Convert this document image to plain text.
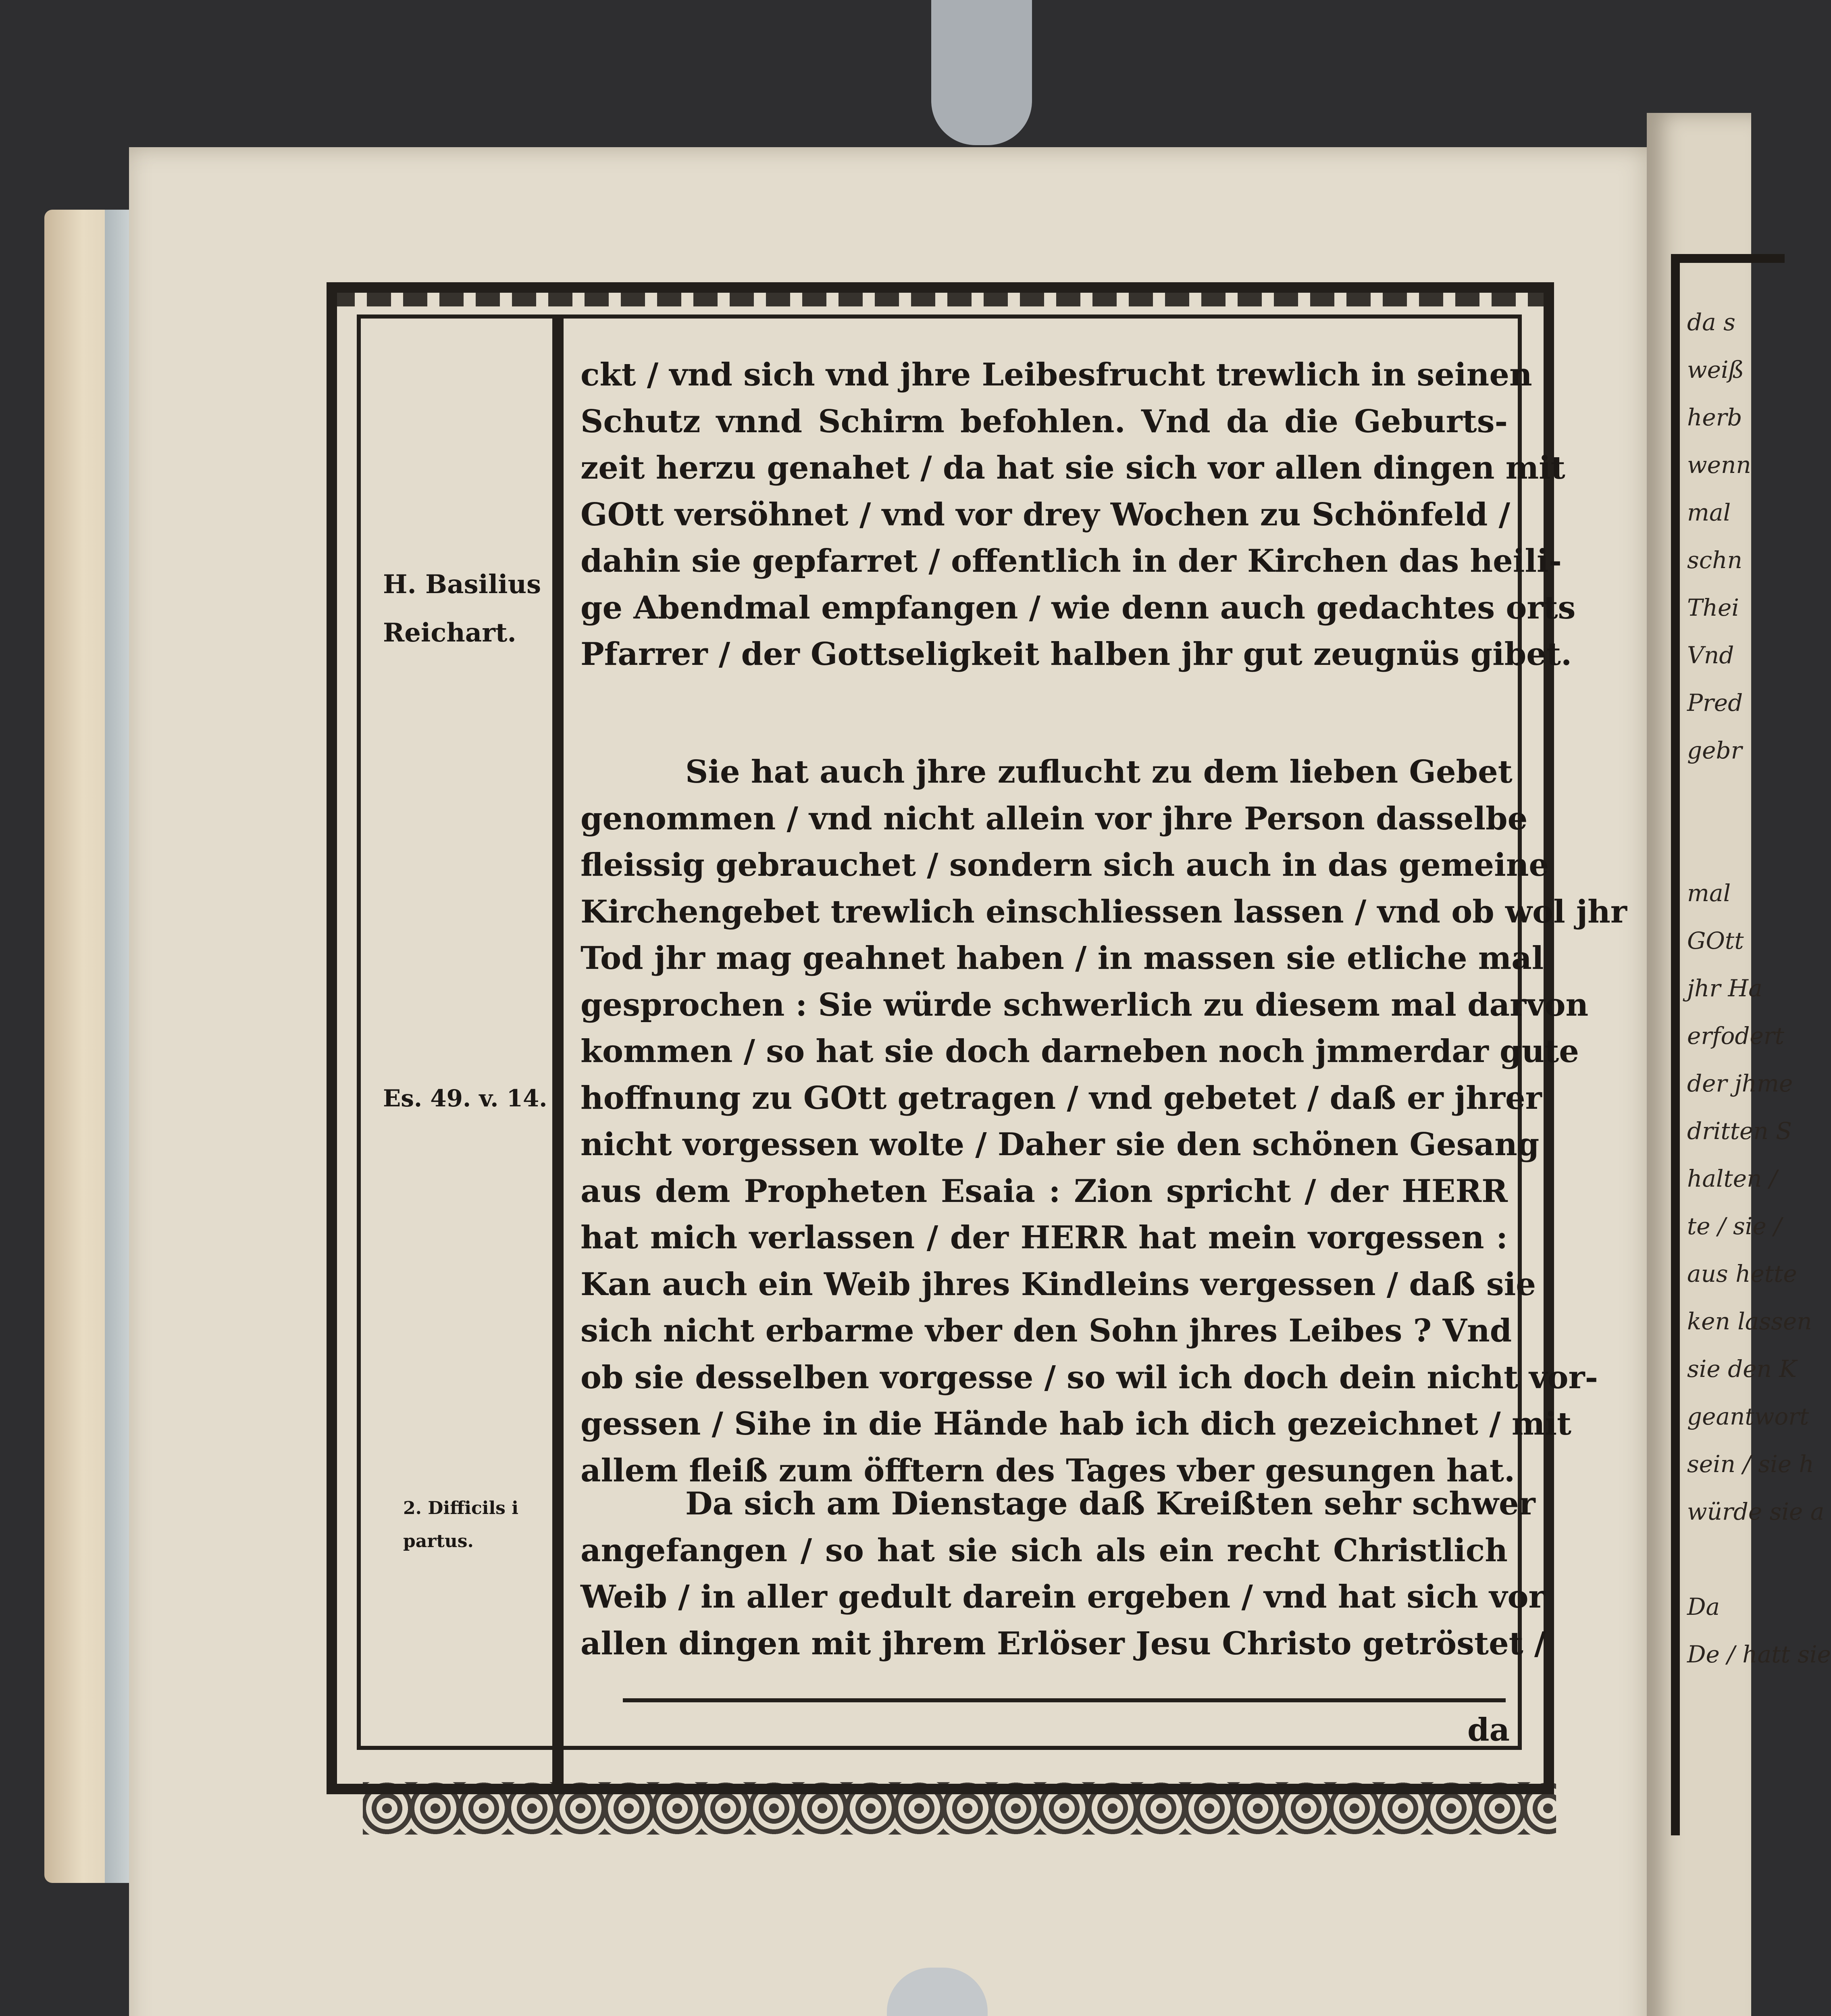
da s
weiß
herb
wenn
mal
schn
Thei
Vnd
Pred
gebr

mal
GOtt
jhr Ha
erfodert
der jhme
dritten S
halten /
te / sie /
aus hette
ken lassen
sie den K
geantwort
sein / sie h
würde sie a

Da
De / hatt sie
H. Basilius
Reichart.
Es. 49. v. 14.
2. Difficils i
partus.
ckt / vnd sich vnd jhre Leibesfrucht trewlich in seinen
Schutz vnnd Schirm befohlen. Vnd da die Geburts-
zeit herzu genahet / da hat sie sich vor allen dingen mit
GOtt versöhnet / vnd vor drey Wochen zu Schönfeld /
dahin sie gepfarret / offentlich in der Kirchen das heili-
ge Abendmal empfangen / wie denn auch gedachtes orts
Pfarrer / der Gottseligkeit halben jhr gut zeugnüs gibet.
Sie hat auch jhre zuflucht zu dem lieben Gebet
genommen / vnd nicht allein vor jhre Person dasselbe
fleissig gebrauchet / sondern sich auch in das gemeine
Kirchengebet trewlich einschliessen lassen / vnd ob wol jhr
Tod jhr mag geahnet haben / in massen sie etliche mal
gesprochen : Sie würde schwerlich zu diesem mal darvon
kommen / so hat sie doch darneben noch jmmerdar gute
hoffnung zu GOtt getragen / vnd gebetet / daß er jhrer
nicht vorgessen wolte / Daher sie den schönen Gesang
aus dem Propheten Esaia : Zion spricht / der HERR
hat mich verlassen / der HERR hat mein vorgessen :
Kan auch ein Weib jhres Kindleins vergessen / daß sie
sich nicht erbarme vber den Sohn jhres Leibes ? Vnd
ob sie desselben vorgesse / so wil ich doch dein nicht vor-
gessen / Sihe in die Hände hab ich dich gezeichnet / mit
allem fleiß zum öfftern des Tages vber gesungen hat.
Da sich am Dienstage daß Kreißten sehr schwer
angefangen / so hat sie sich als ein recht Christlich
Weib / in aller gedult darein ergeben / vnd hat sich vor
allen dingen mit jhrem Erlöser Jesu Christo getröstet /
da
